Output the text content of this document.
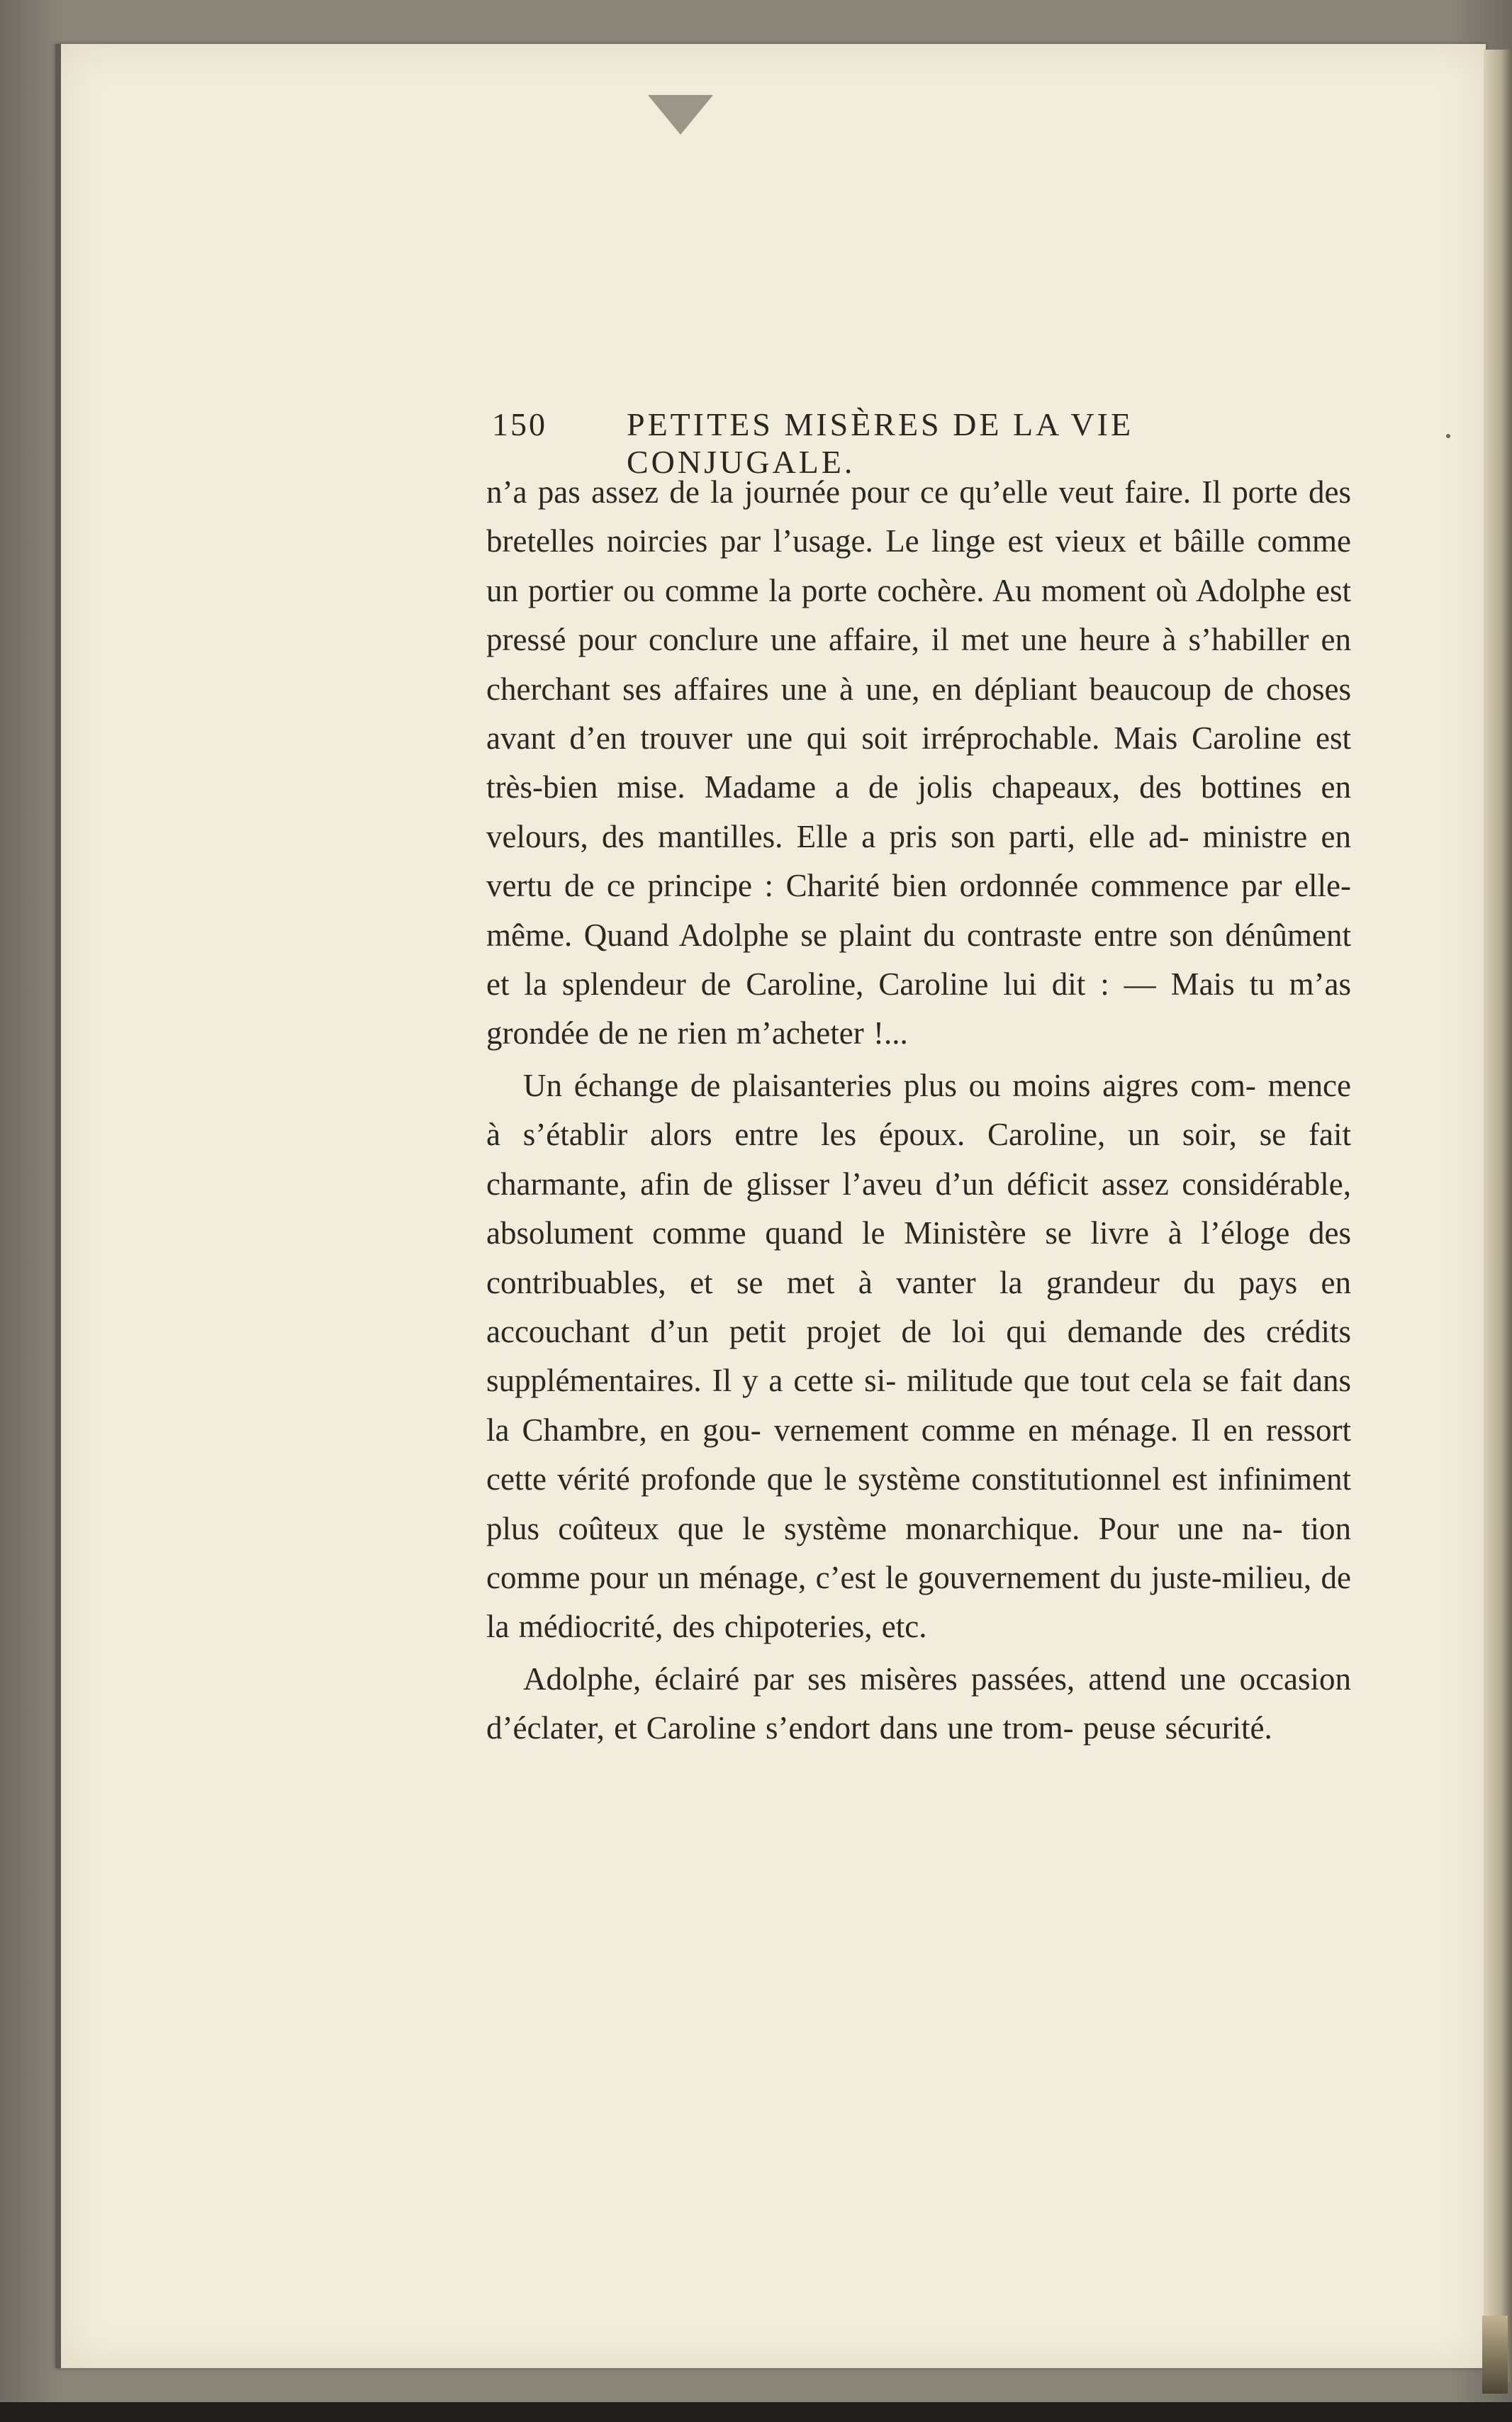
150 PETITES MISÈRES DE LA VIE CONJUGALE.

n’a pas assez de la journée pour ce qu’elle veut faire. Il porte des bretelles noircies par l’usage. Le linge est vieux et bâille comme un portier ou comme la porte cochère. Au moment où Adolphe est pressé pour conclure une affaire, il met une heure à s’habiller en cherchant ses affaires une à une, en dépliant beaucoup de choses avant d’en trouver une qui soit irréprochable. Mais Caroline est très-bien mise. Madame a de jolis chapeaux, des bottines en velours, des mantilles. Elle a pris son parti, elle ad- ministre en vertu de ce principe : Charité bien ordonnée commence par elle-même. Quand Adolphe se plaint du contraste entre son dénûment et la splendeur de Caroline, Caroline lui dit : — Mais tu m’as grondée de ne rien m’acheter !...

Un échange de plaisanteries plus ou moins aigres com- mence à s’établir alors entre les époux. Caroline, un soir, se fait charmante, afin de glisser l’aveu d’un déficit assez considérable, absolument comme quand le Ministère se livre à l’éloge des contribuables, et se met à vanter la grandeur du pays en accouchant d’un petit projet de loi qui demande des crédits supplémentaires. Il y a cette si- militude que tout cela se fait dans la Chambre, en gou- vernement comme en ménage. Il en ressort cette vérité profonde que le système constitutionnel est infiniment plus coûteux que le système monarchique. Pour une na- tion comme pour un ménage, c’est le gouvernement du juste-milieu, de la médiocrité, des chipoteries, etc.

Adolphe, éclairé par ses misères passées, attend une occasion d’éclater, et Caroline s’endort dans une trom- peuse sécurité.
